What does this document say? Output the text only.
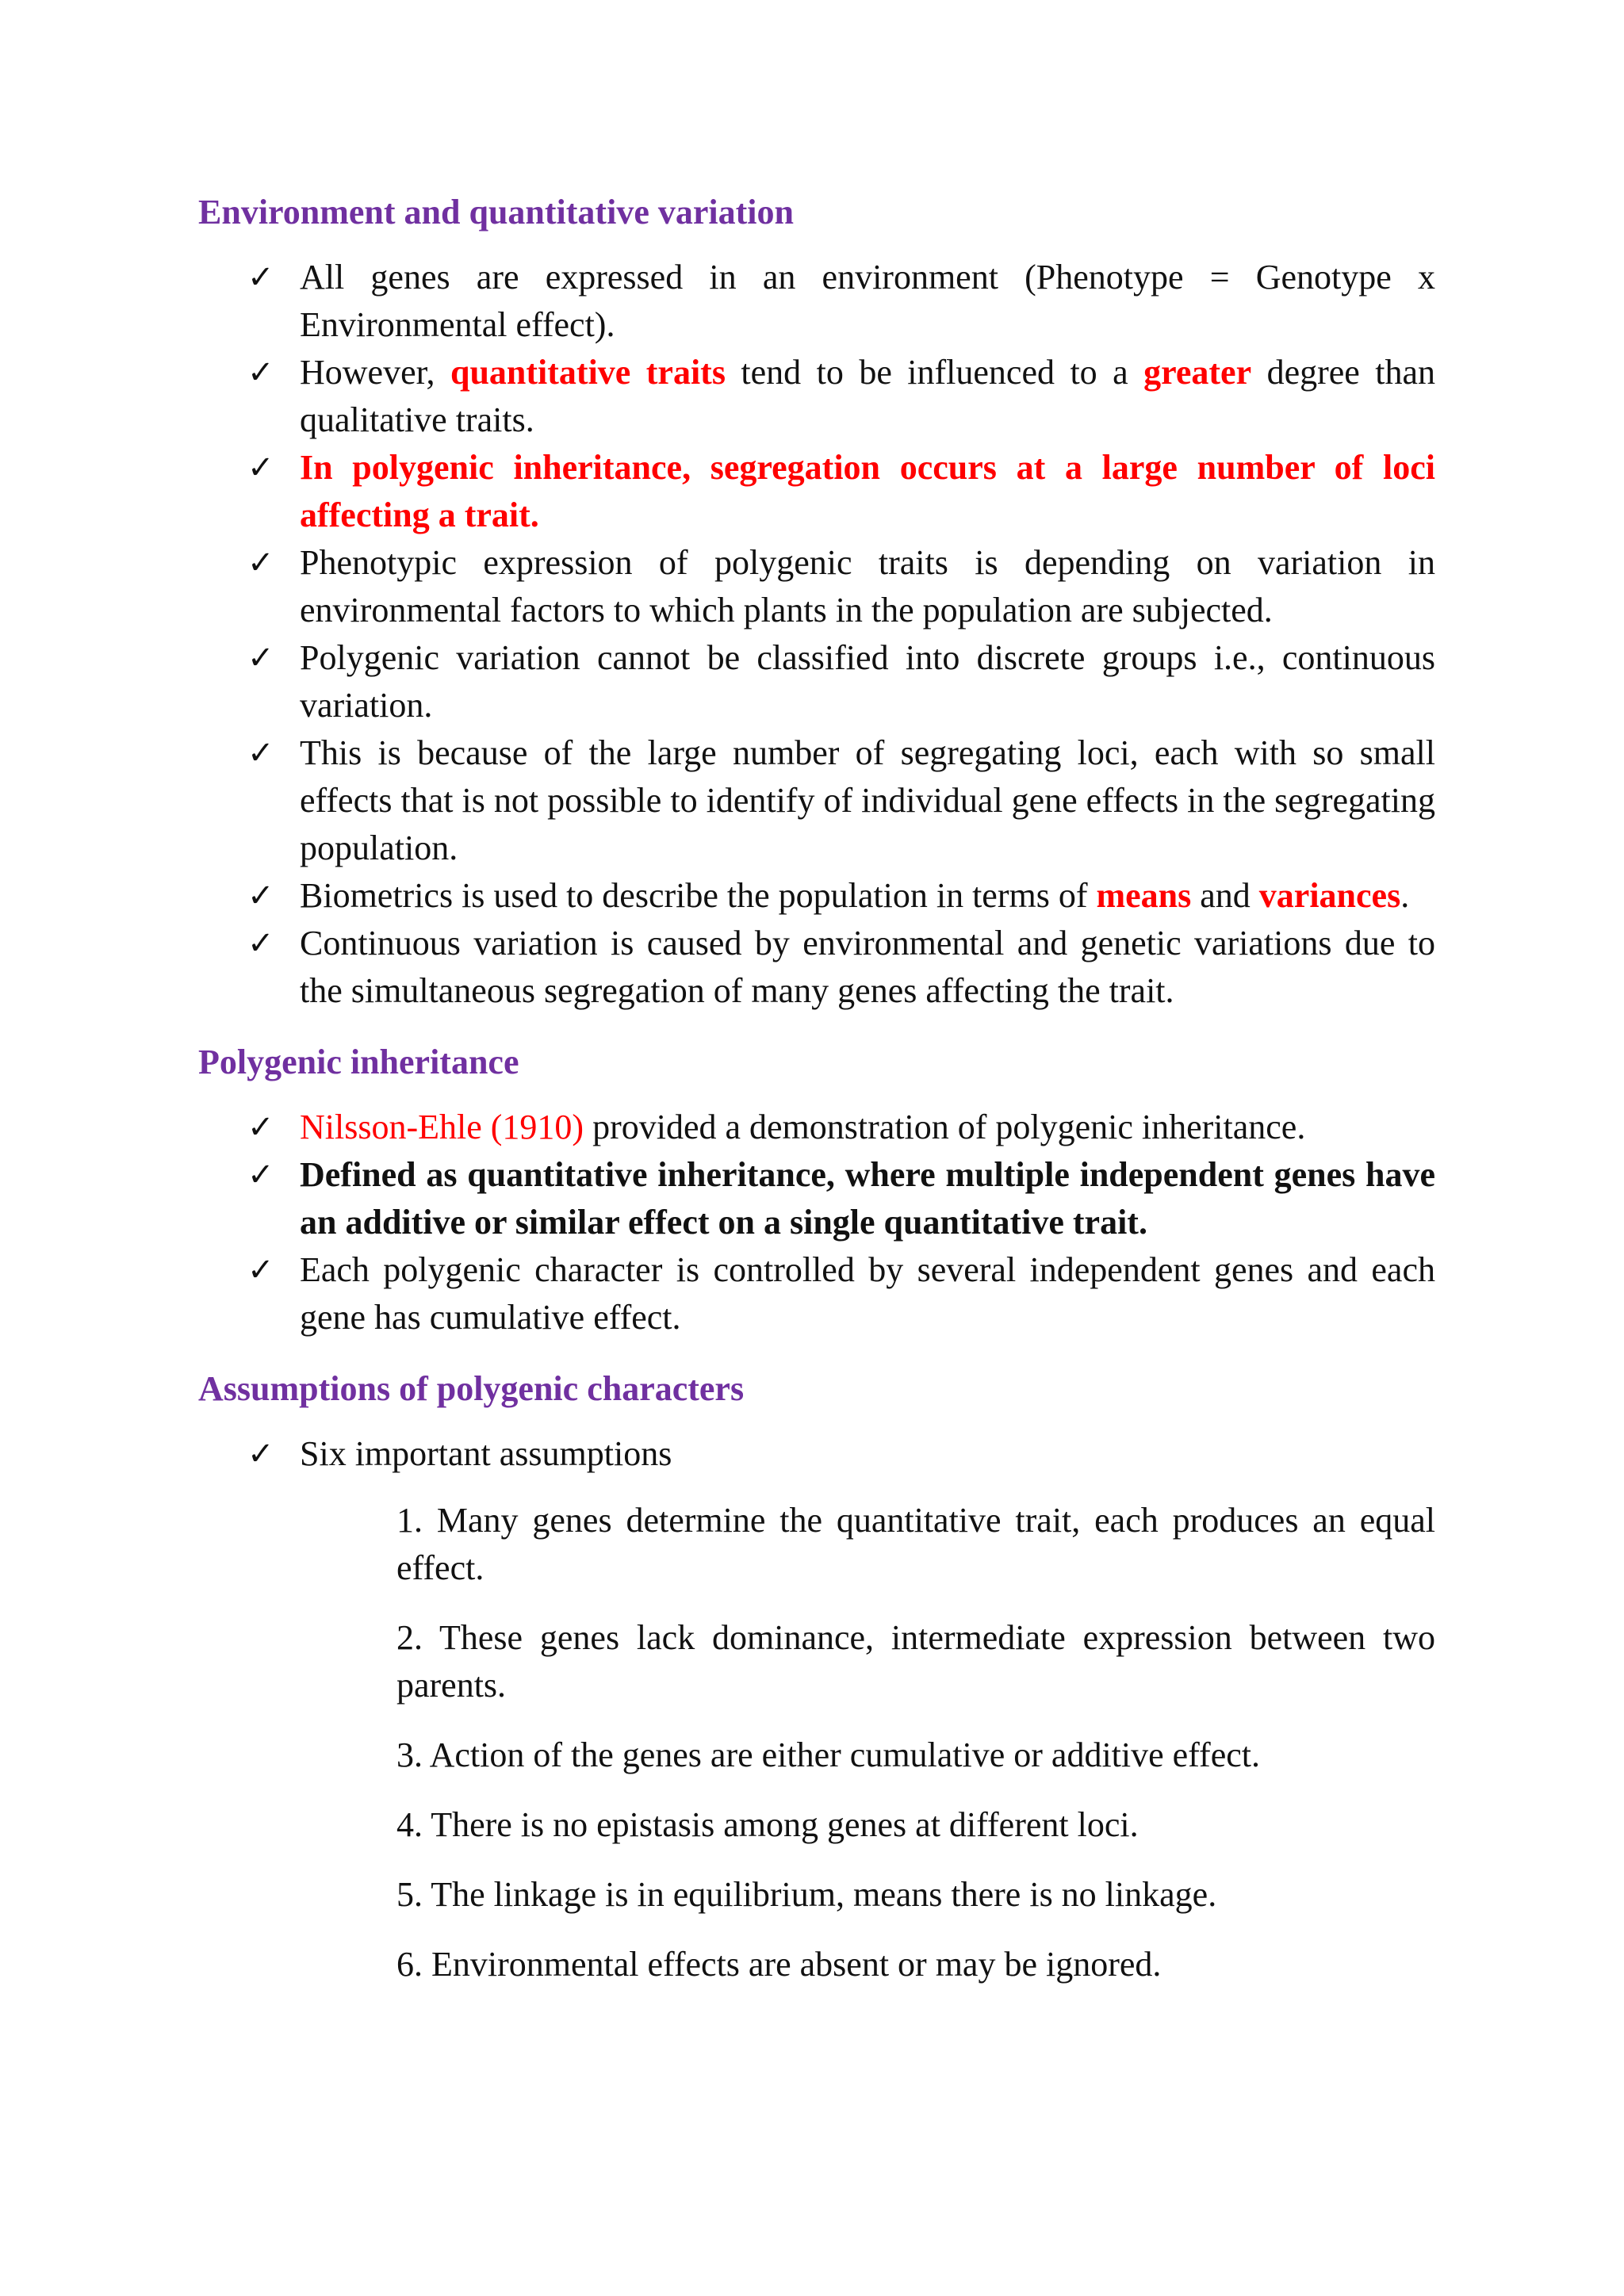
Environment and quantitative variation
✓ All genes are expressed in an environment (Phenotype = Genotype x Environmental effect).
✓ However, quantitative traits tend to be influenced to a greater degree than qualitative traits.
✓ In polygenic inheritance, segregation occurs at a large number of loci affecting a trait.
✓ Phenotypic expression of polygenic traits is depending on variation in environmental factors to which plants in the population are subjected.
✓ Polygenic variation cannot be classified into discrete groups i.e., continuous variation.
✓ This is because of the large number of segregating loci, each with so small effects that is not possible to identify of individual gene effects in the segregating population.
✓ Biometrics is used to describe the population in terms of means and variances.
✓ Continuous variation is caused by environmental and genetic variations due to the simultaneous segregation of many genes affecting the trait.
Polygenic inheritance
✓ Nilsson-Ehle (1910) provided a demonstration of polygenic inheritance.
✓ Defined as quantitative inheritance, where multiple independent genes have an additive or similar effect on a single quantitative trait.
✓ Each polygenic character is controlled by several independent genes and each gene has cumulative effect.
Assumptions of polygenic characters
✓ Six important assumptions
1. Many genes determine the quantitative trait, each produces an equal effect.
2. These genes lack dominance, intermediate expression between two parents.
3. Action of the genes are either cumulative or additive effect.
4. There is no epistasis among genes at different loci.
5. The linkage is in equilibrium, means there is no linkage.
6. Environmental effects are absent or may be ignored.
